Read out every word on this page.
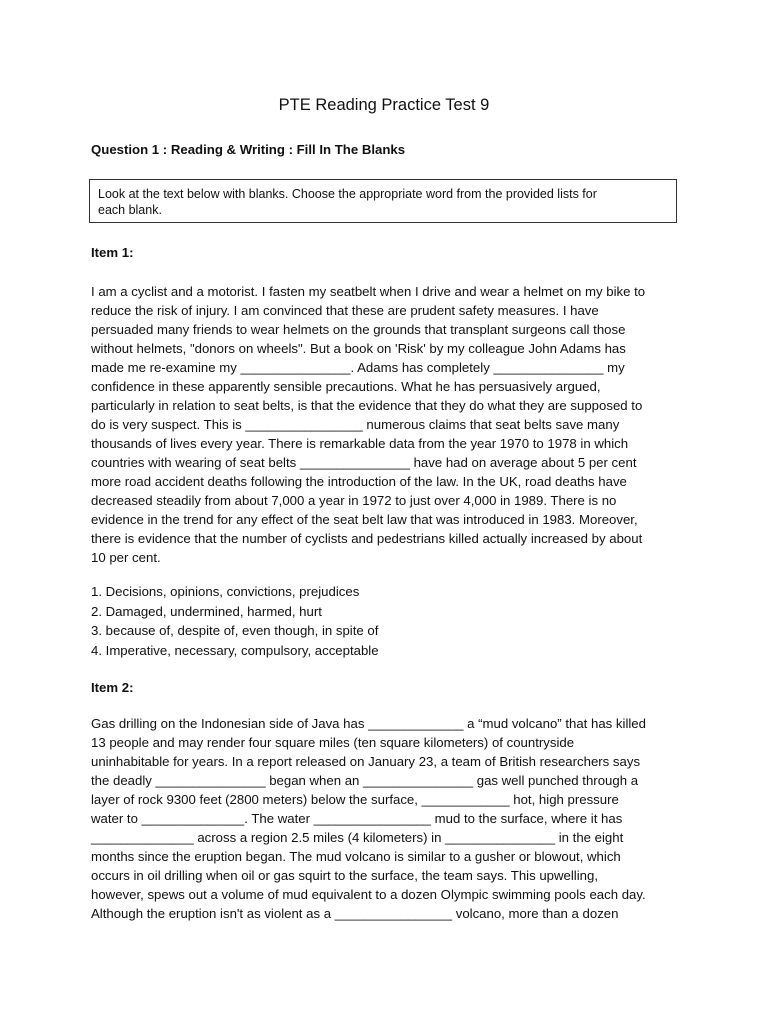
PTE Reading Practice Test 9
Question 1 : Reading & Writing : Fill In The Blanks
Look at the text below with blanks. Choose the appropriate word from the provided lists for
each blank.
Item 1:
I am a cyclist and a motorist. I fasten my seatbelt when I drive and wear a helmet on my bike to
reduce the risk of injury. I am convinced that these are prudent safety measures. I have
persuaded many friends to wear helmets on the grounds that transplant surgeons call those
without helmets, "donors on wheels". But a book on 'Risk' by my colleague John Adams has
made me re-examine my _______________. Adams has completely _______________ my
confidence in these apparently sensible precautions. What he has persuasively argued,
particularly in relation to seat belts, is that the evidence that they do what they are supposed to
do is very suspect. This is ________________ numerous claims that seat belts save many
thousands of lives every year. There is remarkable data from the year 1970 to 1978 in which
countries with wearing of seat belts _______________ have had on average about 5 per cent
more road accident deaths following the introduction of the law. In the UK, road deaths have
decreased steadily from about 7,000 a year in 1972 to just over 4,000 in 1989. There is no
evidence in the trend for any effect of the seat belt law that was introduced in 1983. Moreover,
there is evidence that the number of cyclists and pedestrians killed actually increased by about
10 per cent.
1. Decisions, opinions, convictions, prejudices
2. Damaged, undermined, harmed, hurt
3. because of, despite of, even though, in spite of
4. Imperative, necessary, compulsory, acceptable
Item 2:
Gas drilling on the Indonesian side of Java has _____________ a “mud volcano” that has killed
13 people and may render four square miles (ten square kilometers) of countryside
uninhabitable for years. In a report released on January 23, a team of British researchers says
the deadly _______________ began when an _______________ gas well punched through a
layer of rock 9300 feet (2800 meters) below the surface, ____________ hot, high pressure
water to ______________. The water ________________ mud to the surface, where it has
______________ across a region 2.5 miles (4 kilometers) in _______________ in the eight
months since the eruption began. The mud volcano is similar to a gusher or blowout, which
occurs in oil drilling when oil or gas squirt to the surface, the team says. This upwelling,
however, spews out a volume of mud equivalent to a dozen Olympic swimming pools each day.
Although the eruption isn't as violent as a ________________ volcano, more than a dozen
